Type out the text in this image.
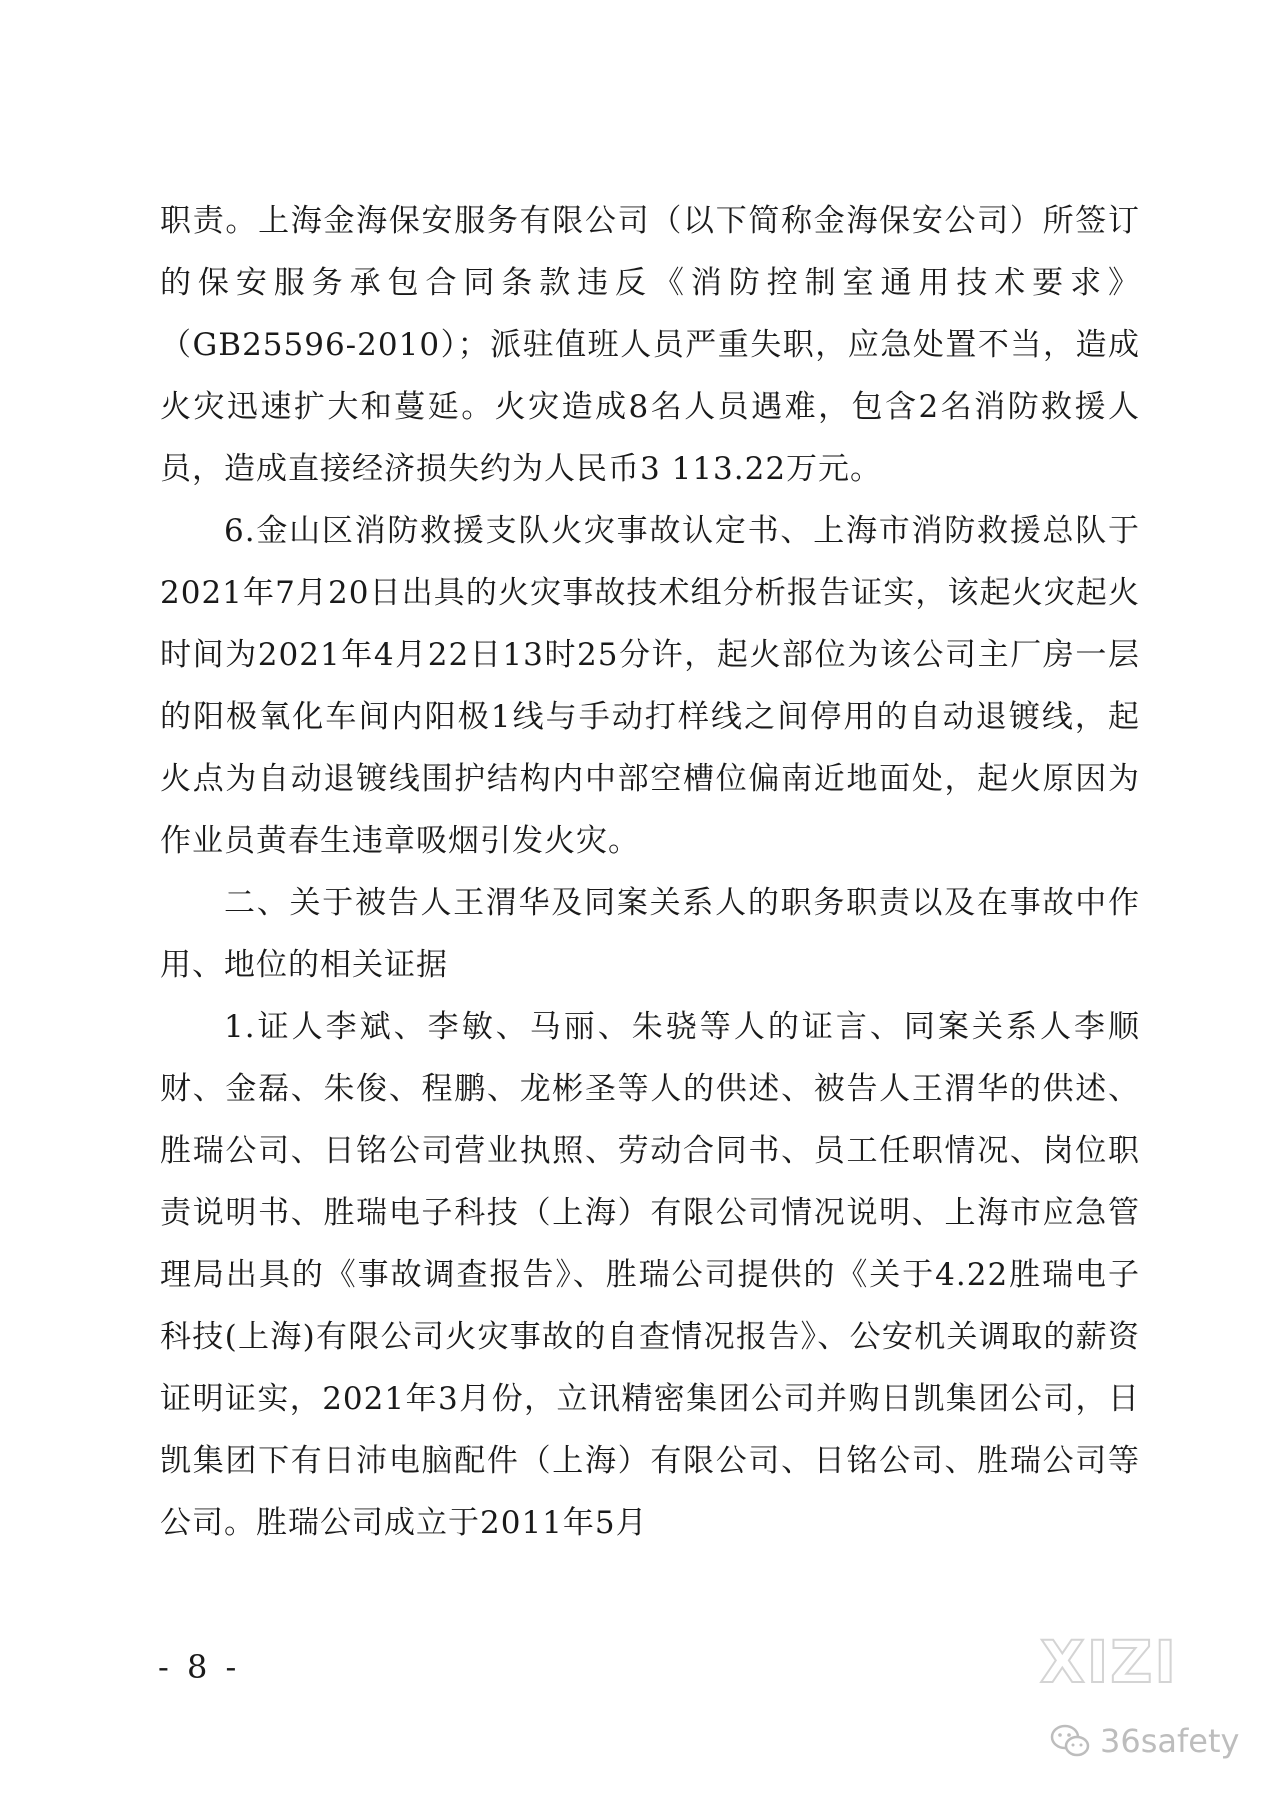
职责。上海金海保安服务有限公司（以下简称金海保安公司）所签订的保安服务承包合同条款违反《消防控制室通用技术要求》（GB25596-2010）；派驻值班人员严重失职，应急处置不当，造成火灾迅速扩大和蔓延。火灾造成8名人员遇难，包含2名消防救援人员，造成直接经济损失约为人民币3 113.22万元。

6.金山区消防救援支队火灾事故认定书、上海市消防救援总队于2021年7月20日出具的火灾事故技术组分析报告证实，该起火灾起火时间为2021年4月22日13时25分许，起火部位为该公司主厂房一层的阳极氧化车间内阳极1线与手动打样线之间停用的自动退镀线，起火点为自动退镀线围护结构内中部空槽位偏南近地面处，起火原因为作业员黄春生违章吸烟引发火灾。

二、关于被告人王渭华及同案关系人的职务职责以及在事故中作用、地位的相关证据

1.证人李斌、李敏、马丽、朱骁等人的证言、同案关系人李顺财、金磊、朱俊、程鹏、龙彬圣等人的供述、被告人王渭华的供述、胜瑞公司、日铭公司营业执照、劳动合同书、员工任职情况、岗位职责说明书、胜瑞电子科技（上海）有限公司情况说明、上海市应急管理局出具的《事故调查报告》、胜瑞公司提供的《关于4.22胜瑞电子科技(上海)有限公司火灾事故的自查情况报告》、公安机关调取的薪资证明证实，2021年3月份，立讯精密集团公司并购日凯集团公司，日凯集团下有日沛电脑配件（上海）有限公司、日铭公司、胜瑞公司等公司。胜瑞公司成立于2011年5月

- 8 -	XIZI
36safety
